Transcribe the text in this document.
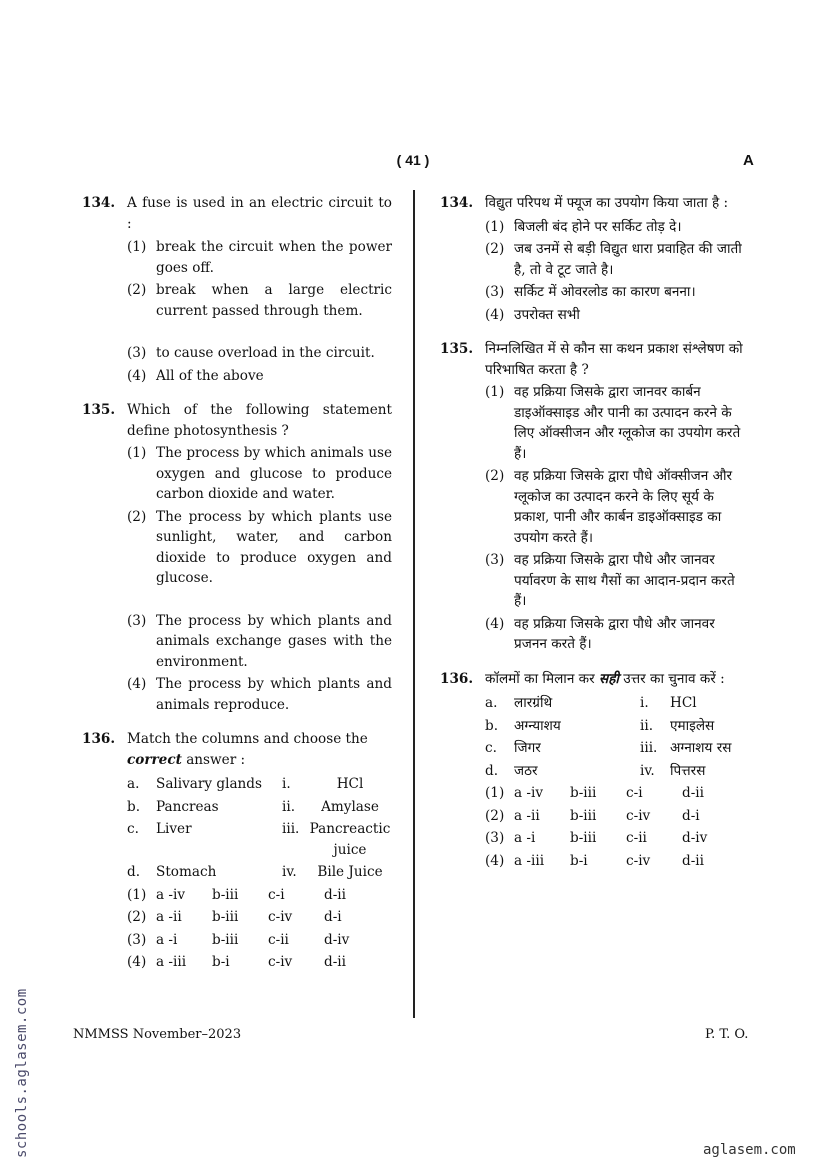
( 41 )	A
134. A fuse is used in an electric circuit to :
(1) break the circuit when the power goes off.
(2) break when a large electric current passed through them.
(3) to cause overload in the circuit.
(4) All of the above
135. Which of the following statement define photosynthesis ?
(1) The process by which animals use oxygen and glucose to produce carbon dioxide and water.
(2) The process by which plants use sunlight, water, and carbon dioxide to produce oxygen and glucose.
(3) The process by which plants and animals exchange gases with the environment.
(4) The process by which plants and animals reproduce.
136. Match the columns and choose the
correct answer :
a.	Salivary glands	i.	HCl
b.	Pancreas	ii.	Amylase
c.	Liver	iii. Pancreactic juice
d.	Stomach	iv.	Bile Juice
(1) a -iv	b-iii	c-i	d-ii
(2) a -ii	b-iii	c-iv	d-i
(3) a -i	b-iii	c-ii	d-iv
(4) a -iii	b-i	c-iv	d-ii
134. विद्युत परिपथ में फ्यूज का उपयोग किया जाता है :
(1) बिजली बंद होने पर सर्किट तोड़ दे।
(2) जब उनमें से बड़ी विद्युत धारा प्रवाहित की जाती है, तो वे टूट जाते है।
(3) सर्किट में ओवरलोड का कारण बनना।
(4) उपरोक्त सभी
135. निम्नलिखित में से कौन सा कथन प्रकाश संश्लेषण को परिभाषित करता है ?
(1) वह प्रक्रिया जिसके द्वारा जानवर कार्बन डाइऑक्साइड और पानी का उत्पादन करने के लिए ऑक्सीजन और ग्लूकोज का उपयोग करते हैं।
(2) वह प्रक्रिया जिसके द्वारा पौधे ऑक्सीजन और ग्लूकोज का उत्पादन करने के लिए सूर्य के प्रकाश, पानी और कार्बन डाइऑक्साइड का उपयोग करते हैं।
(3) वह प्रक्रिया जिसके द्वारा पौधे और जानवर पर्यावरण के साथ गैसों का आदान-प्रदान करते हैं।
(4) वह प्रक्रिया जिसके द्वारा पौधे और जानवर प्रजनन करते हैं।
136. कॉलमों का मिलान कर सही उत्तर का चुनाव करें :
a.	लारग्रंथि	i.	HCl
b.	अग्न्याशय	ii.	एमाइलेस
c.	जिगर	iii. अग्नाशय रस
d.	जठर	iv.	पित्तरस
(1) a -iv	b-iii	c-i	d-ii
(2) a -ii	b-iii	c-iv	d-i
(3) a -i	b-iii	c-ii	d-iv
(4) a -iii	b-i	c-iv	d-ii
NMMSS November–2023	P. T. O.
schools.aglasem.com	aglasem.com
